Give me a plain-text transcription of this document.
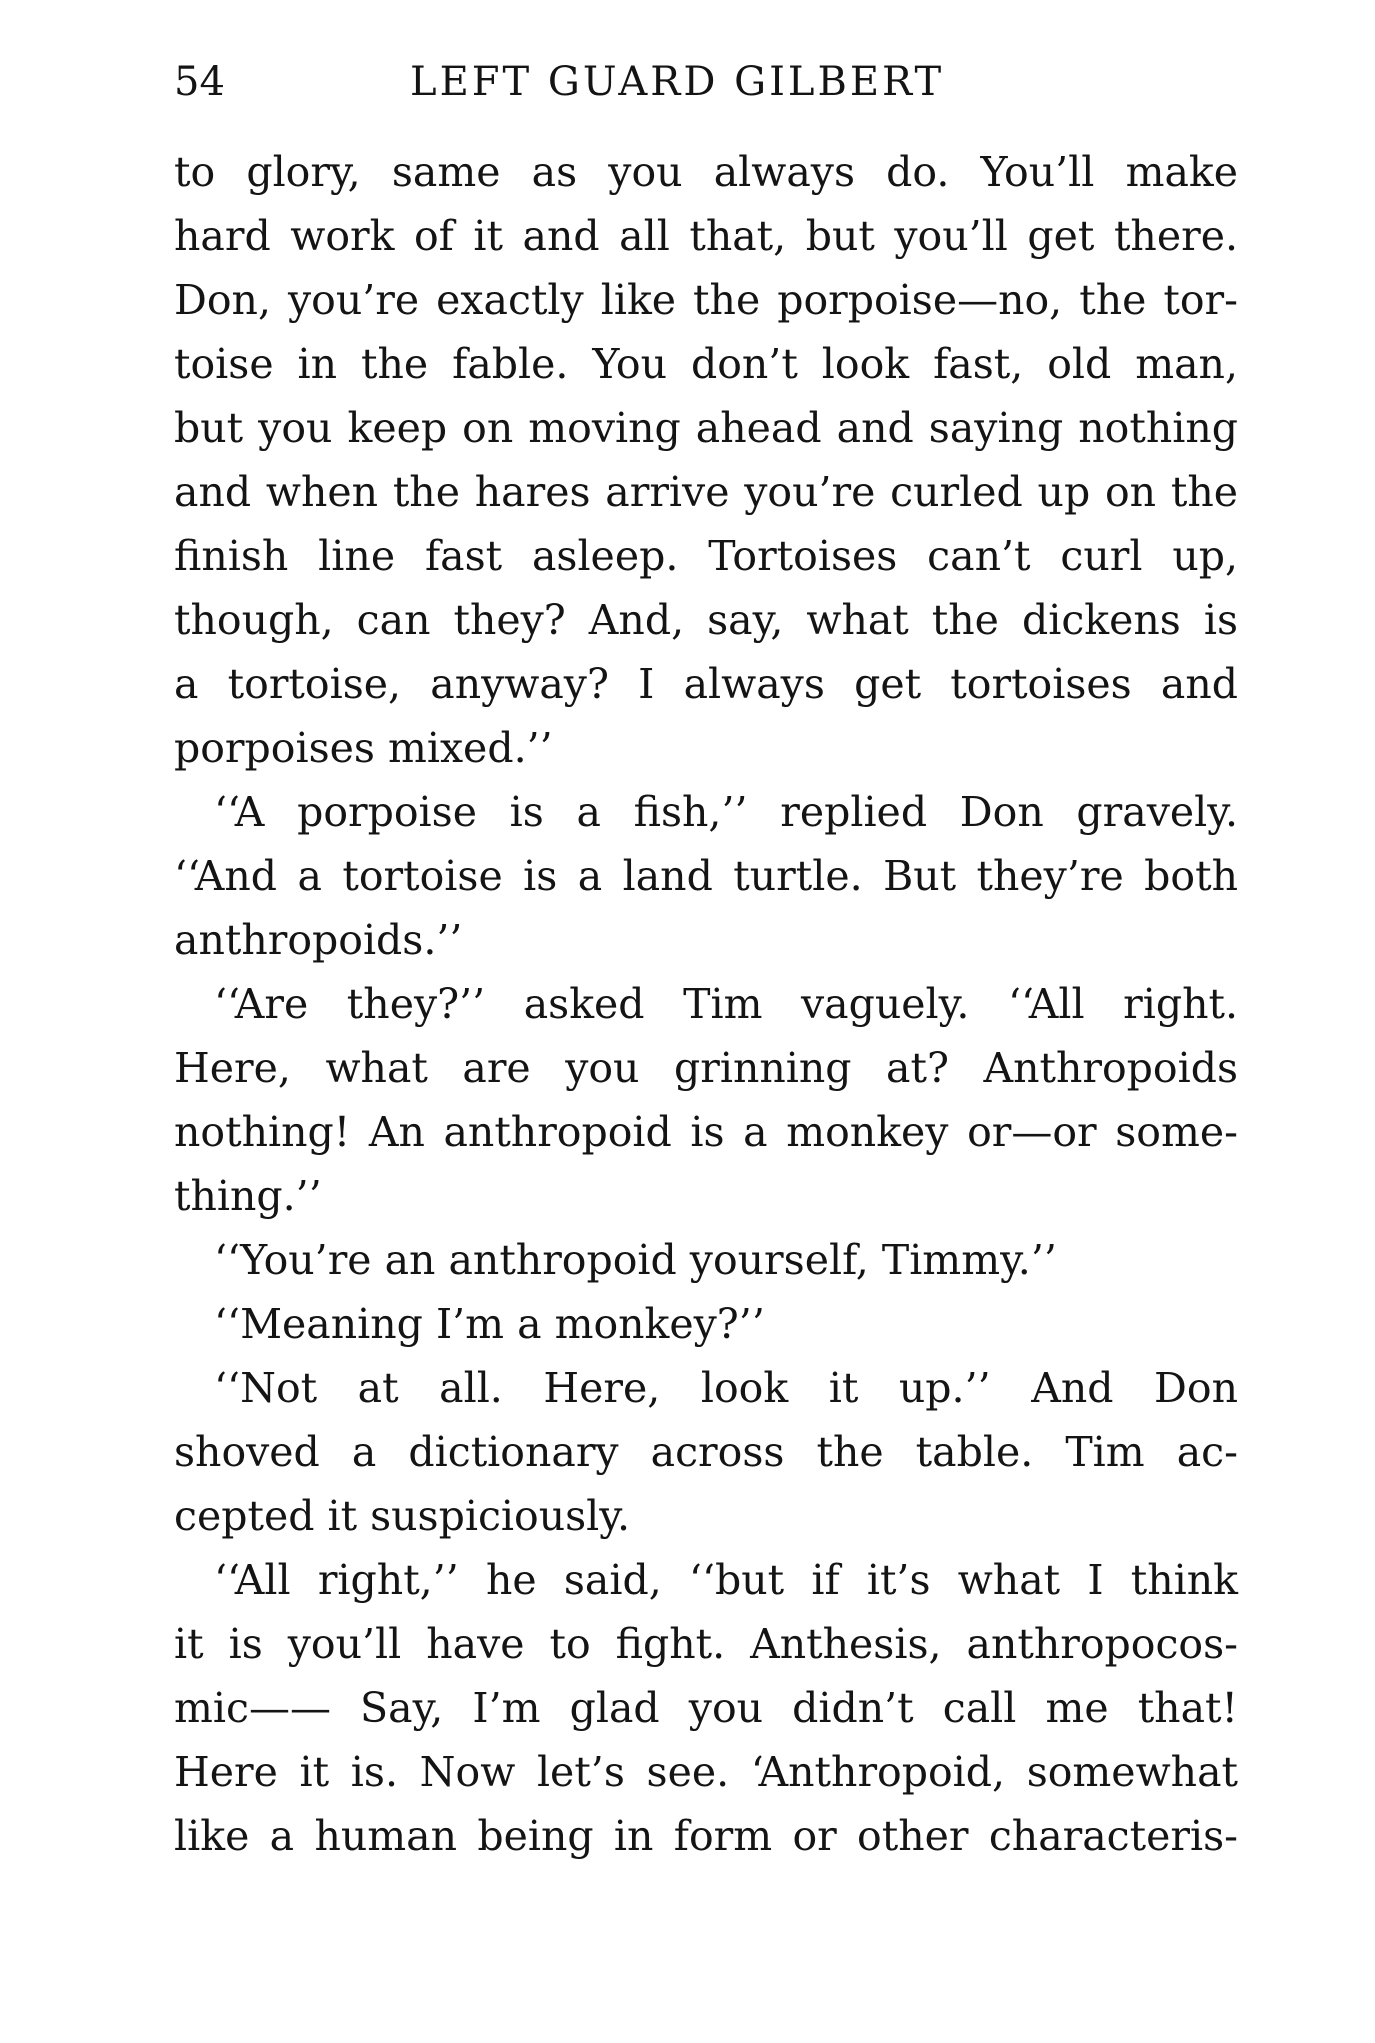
54	LEFT GUARD GILBERT
to glory, same as you always do. You’ll make
hard work of it and all that, but you’ll get there.
Don, you’re exactly like the porpoise—no, the tor-
toise in the fable. You don’t look fast, old man,
but you keep on moving ahead and saying nothing
and when the hares arrive you’re curled up on the
finish line fast asleep. Tortoises can’t curl up,
though, can they? And, say, what the dickens is
a tortoise, anyway? I always get tortoises and
porpoises mixed.’’
‘‘A porpoise is a fish,’’ replied Don gravely.
‘‘And a tortoise is a land turtle. But they’re both
anthropoids.’’
‘‘Are they?’’ asked Tim vaguely. ‘‘All right.
Here, what are you grinning at? Anthropoids
nothing! An anthropoid is a monkey or—or some-
thing.’’
‘‘You’re an anthropoid yourself, Timmy.’’
‘‘Meaning I’m a monkey?’’
‘‘Not at all. Here, look it up.’’ And Don
shoved a dictionary across the table. Tim ac-
cepted it suspiciously.
‘‘All right,’’ he said, ‘‘but if it’s what I think
it is you’ll have to fight. Anthesis, anthropocos-
mic—— Say, I’m glad you didn’t call me that!
Here it is. Now let’s see. ‘Anthropoid, somewhat
like a human being in form or other characteris-
